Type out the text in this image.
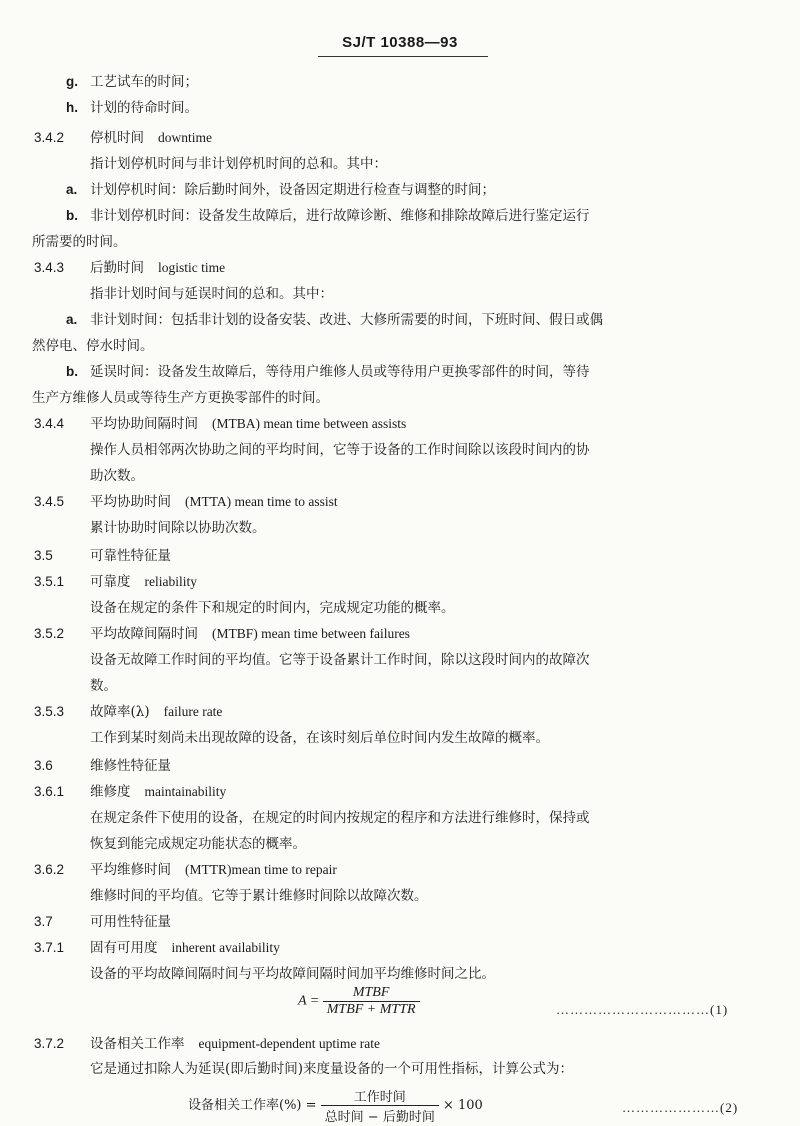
SJ/T 10388—93
g. 工艺试车的时间；
h. 计划的待命时间。
3.4.2 停机时间 downtime
指计划停机时间与非计划停机时间的总和。其中：
a. 计划停机时间：除后勤时间外，设备因定期进行检查与调整的时间；
b. 非计划停机时间：设备发生故障后，进行故障诊断、维修和排除故障后进行鉴定运行
所需要的时间。
3.4.3 后勤时间 logistic time
指非计划时间与延误时间的总和。其中：
a. 非计划时间：包括非计划的设备安装、改进、大修所需要的时间，下班时间、假日或偶
然停电、停水时间。
b. 延误时间：设备发生故障后，等待用户维修人员或等待用户更换零部件的时间，等待
生产方维修人员或等待生产方更换零部件的时间。
3.4.4 平均协助间隔时间 (MTBA) mean time between assists
操作人员相邻两次协助之间的平均时间，它等于设备的工作时间除以该段时间内的协
助次数。
3.4.5 平均协助时间 (MTTA) mean time to assist
累计协助时间除以协助次数。
3.5	可靠性特征量
3.5.1 可靠度 reliability
设备在规定的条件下和规定的时间内，完成规定功能的概率。
3.5.2 平均故障间隔时间 (MTBF) mean time between failures
设备无故障工作时间的平均值。它等于设备累计工作时间，除以这段时间内的故障次
数。
3.5.3 故障率(λ) failure rate
工作到某时刻尚未出现故障的设备，在该时刻后单位时间内发生故障的概率。
3.6	维修性特征量
3.6.1 维修度 maintainability
在规定条件下使用的设备，在规定的时间内按规定的程序和方法进行维修时，保持或
恢复到能完成规定功能状态的概率。
3.6.2 平均维修时间 (MTTR)mean time to repair
维修时间的平均值。它等于累计维修时间除以故障次数。
3.7	可用性特征量
3.7.1 固有可用度 inherent availability
设备的平均故障间隔时间与平均故障间隔时间加平均维修时间之比。
$A = \frac{\text{MTBF}}{\text{MTBF + MTTR}}$	……………………………(1)
3.7.2 设备相关工作率 equipment-dependent uptime rate
它是通过扣除人为延误(即后勤时间)来度量设备的一个可用性指标，计算公式为：
设备相关工作率(%) = $\frac{\text{工作时间}}{\text{总时间 − 后勤时间}} \times 100$	…………………(2)
